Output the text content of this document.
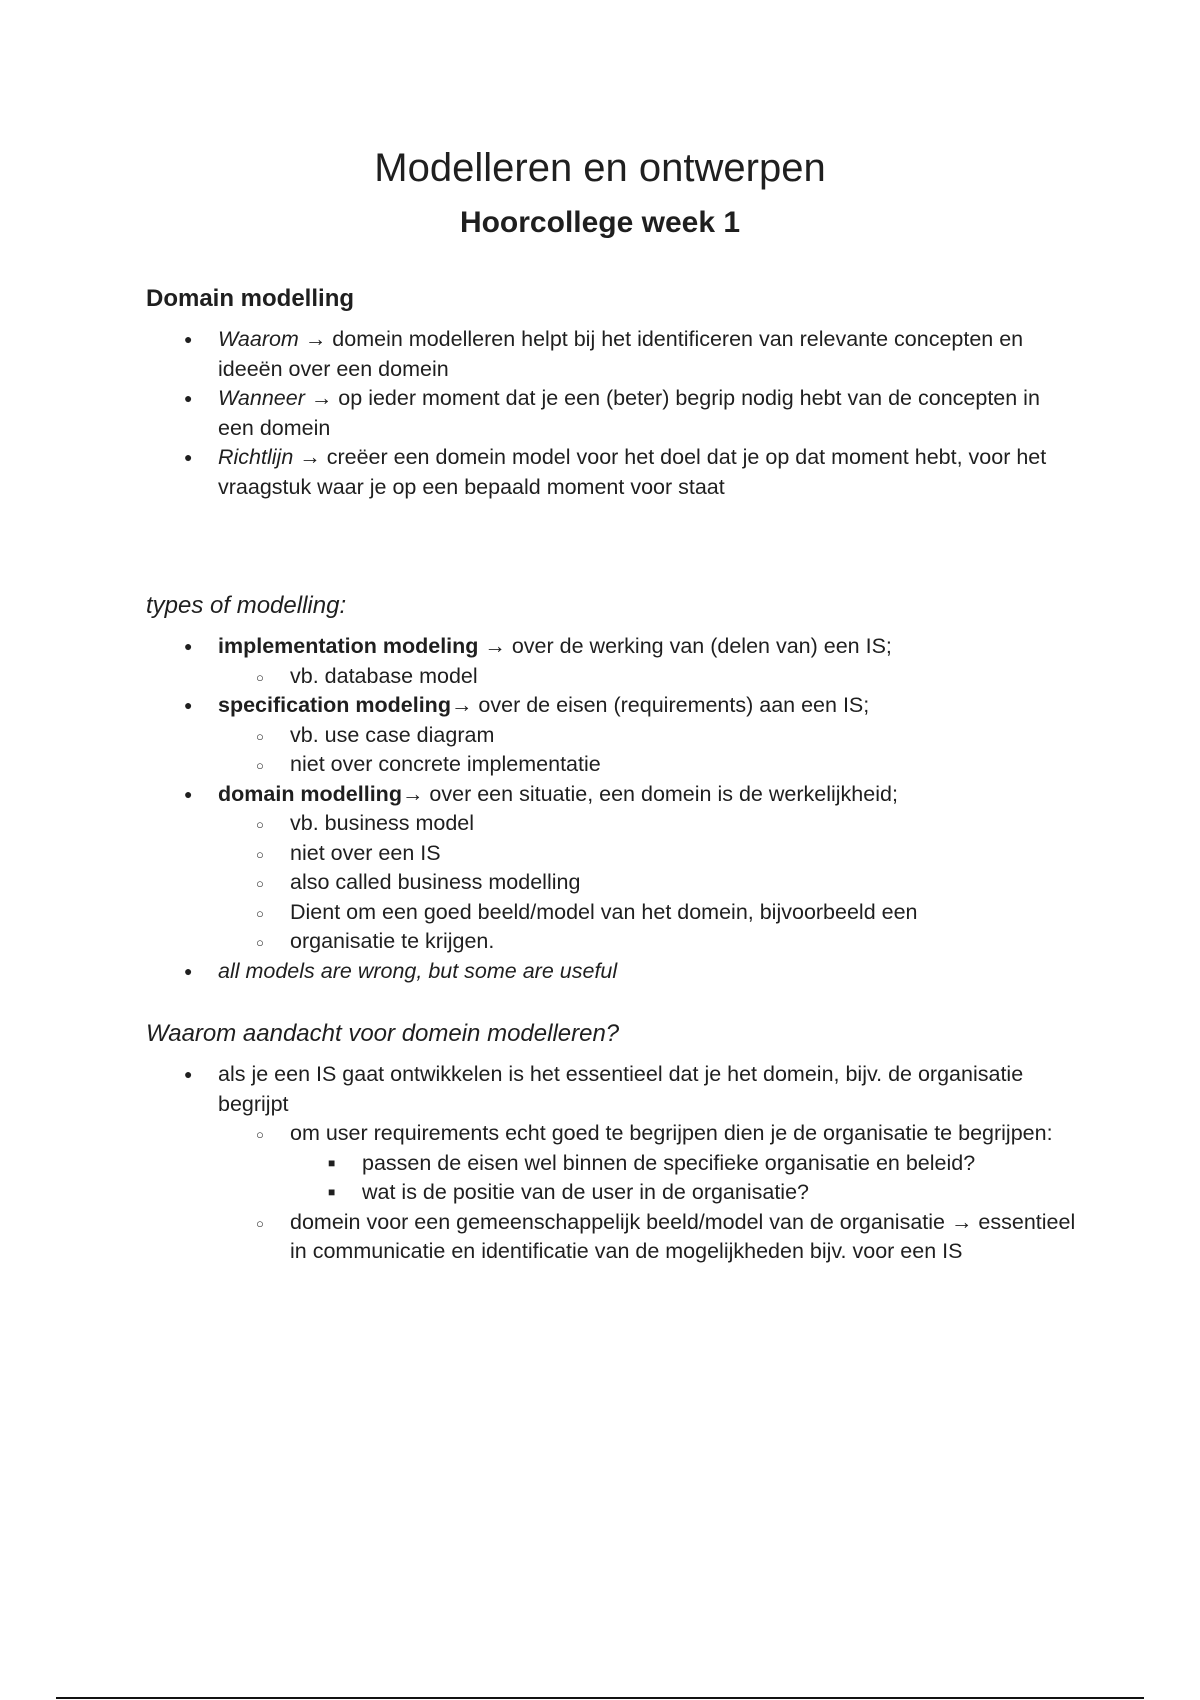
Modelleren en ontwerpen
Hoorcollege week 1
Domain modelling
● Waarom → domein modelleren helpt bij het identificeren van relevante concepten en ideeën over een domein
● Wanneer → op ieder moment dat je een (beter) begrip nodig hebt van de concepten in een domein
● Richtlijn → creëer een domein model voor het doel dat je op dat moment hebt, voor het vraagstuk waar je op een bepaald moment voor staat
types of modelling:
● implementation modeling → over de werking van (delen van) een IS;
○ vb. database model
● specification modeling→ over de eisen (requirements) aan een IS;
○ vb. use case diagram
○ niet over concrete implementatie
● domain modelling→ over een situatie, een domein is de werkelijkheid;
○ vb. business model
○ niet over een IS
○ also called business modelling
○ Dient om een goed beeld/model van het domein, bijvoorbeeld een
○ organisatie te krijgen.
● all models are wrong, but some are useful
Waarom aandacht voor domein modelleren?
● als je een IS gaat ontwikkelen is het essentieel dat je het domein, bijv. de organisatie begrijpt
○ om user requirements echt goed te begrijpen dien je de organisatie te begrijpen:
■ passen de eisen wel binnen de specifieke organisatie en beleid?
■ wat is de positie van de user in de organisatie?
○ domein voor een gemeenschappelijk beeld/model van de organisatie → essentieel in communicatie en identificatie van de mogelijkheden bijv. voor een IS
